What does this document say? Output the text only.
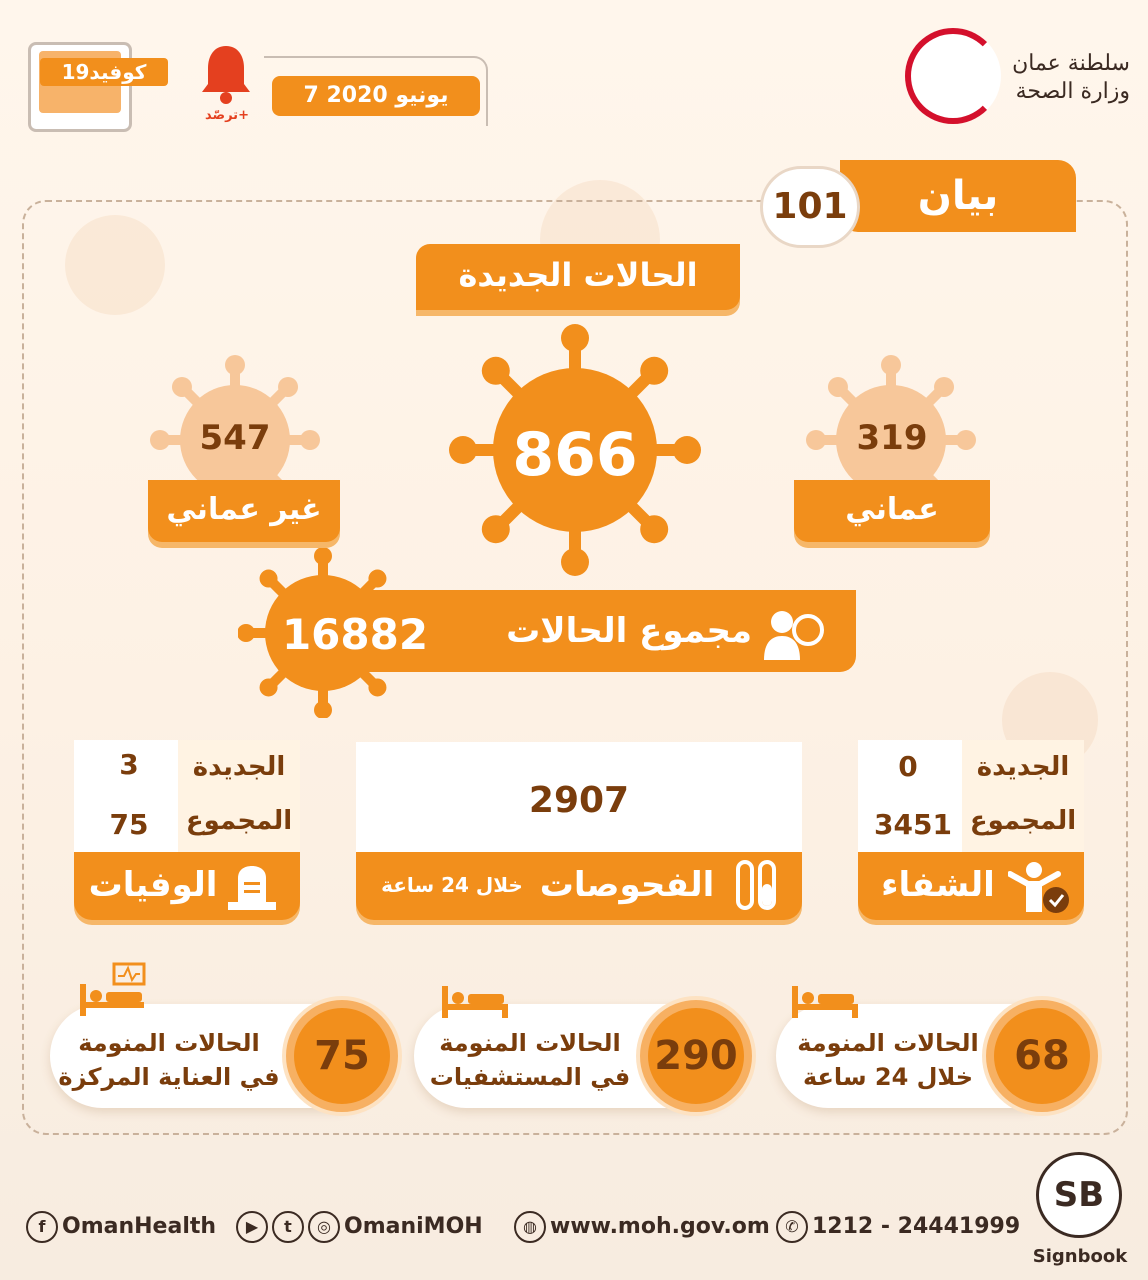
كوفيد19
ترصّد+
7 يونيو 2020
سلطنة عمان
وزارة الصحة
بيان
101
الحالات الجديدة
866
547
غير عماني
319
عماني
مجموع الحالات
16882
الجديدة
0
المجموع
3451
الشفاء
2907
خلال 24 ساعة الفحوصات
الجديدة
3
المجموع
75
الوفيات
الحالات المنومة
خلال 24 ساعة	68
الحالات المنومة
في المستشفيات 290
الحالات المنومة
في العناية المركزة 75
f OmanHealth	▶ t ◎ OmaniMOH	◍ www.moh.gov.om ✆ 1212 - 24441999
SB
Signbook
